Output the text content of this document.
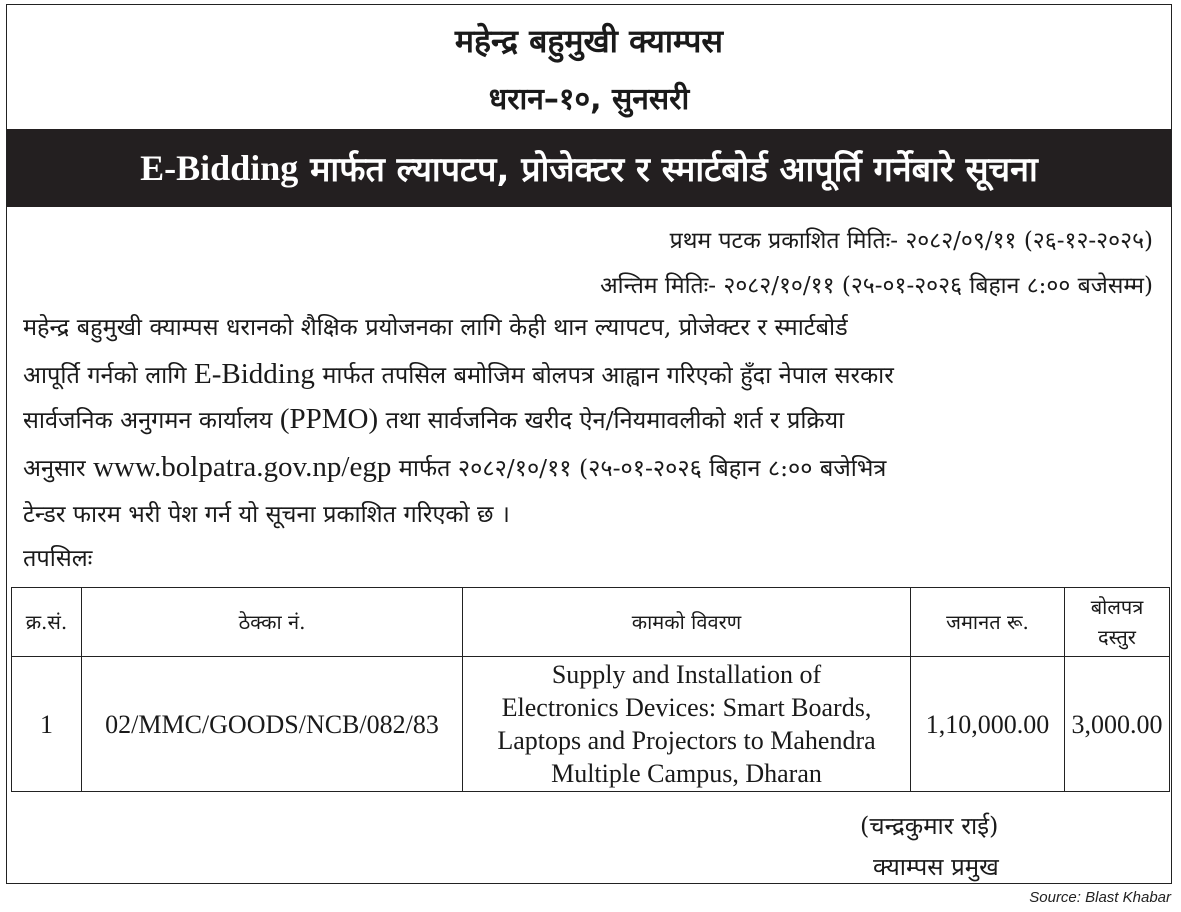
महेन्द्र बहुमुखी क्याम्पस
धरान–१०, सुनसरी
E-Bidding मार्फत ल्यापटप, प्रोजेक्टर र स्मार्टबोर्ड आपूर्ति गर्नेबारे सूचना
प्रथम पटक प्रकाशित मितिः- २०८२/०९/११ (२६-१२-२०२५)
अन्तिम मितिः- २०८२/१०/११ (२५-०१-२०२६ बिहान ८:०० बजेसम्म)
महेन्द्र बहुमुखी क्याम्पस धरानको शैक्षिक प्रयोजनका लागि केही थान ल्यापटप, प्रोजेक्टर र स्मार्टबोर्ड
आपूर्ति गर्नको लागि E-Bidding मार्फत तपसिल बमोजिम बोलपत्र आह्वान गरिएको हुँदा नेपाल सरकार
सार्वजनिक अनुगमन कार्यालय (PPMO) तथा सार्वजनिक खरीद ऐन/नियमावलीको शर्त र प्रक्रिया
अनुसार www.bolpatra.gov.np/egp मार्फत २०८२/१०/११ (२५-०१-२०२६ बिहान ८:०० बजेभित्र
टेन्डर फारम भरी पेश गर्न यो सूचना प्रकाशित गरिएको छ ।
तपसिलः
क्र.सं.	ठेक्का नं.	कामको विवरण	जमानत रू.	बोलपत्र
दस्तुर
1	02/MMC/GOODS/NCB/082/83	Supply and Installation of
Electronics Devices: Smart Boards,
Laptops and Projectors to Mahendra
Multiple Campus, Dharan	1,10,000.00	3,000.00
(चन्द्रकुमार राई)
क्याम्पस प्रमुख
Source: Blast Khabar
